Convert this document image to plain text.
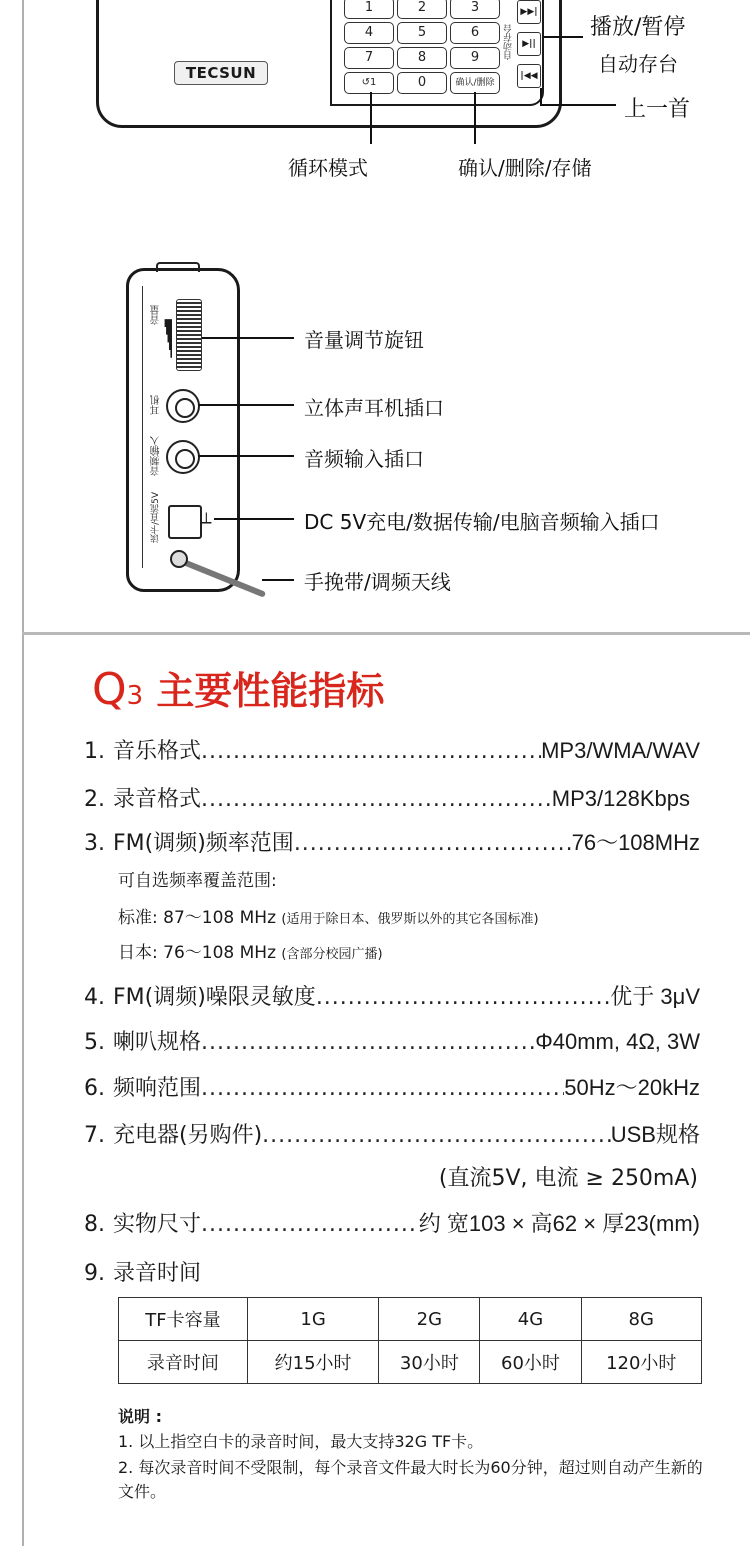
TECSUN
1	2	3
4	5	6
7	8	9
↺1	0	确认/删除
自动存台
▶▶|
▶||
|◀◀
播放/暂停
自动存台
上一首
循环模式	确认/删除/存储
音量
▁▂▃▄▅
耳机
音频输入
读卡/直流5V	⟂
音量调节旋钮
立体声耳机插口
音频输入插口
DC 5V充电/数据传输/电脑音频输入插口
手挽带/调频天线
Q3 主要性能指标
1. 音乐格式 .....	MP3/WMA/WAV
2. 录音格式 .....	MP3/128Kbps
3. FM(调频)频率范围 .....	76～108MHz
可自选频率覆盖范围:
标准: 87～108 MHz (适用于除日本、俄罗斯以外的其它各国标准)
日本: 76～108 MHz (含部分校园广播)
4. FM(调频)噪限灵敏度 .....	优于 3μV
5. 喇叭规格 .....	Φ40mm, 4Ω, 3W
6. 频响范围 .....	50Hz～20kHz
7. 充电器(另购件) .....	USB规格
(直流5V, 电流 ≥ 250mA)
8. 实物尺寸 .....	约 宽103 × 高62 × 厚23(mm)
9. 录音时间
TF卡容量	1G	2G	4G	8G
录音时间	约15小时	30小时	60小时	120小时
说明 :
1. 以上指空白卡的录音时间，最大支持32G TF卡。
2. 每次录音时间不受限制，每个录音文件最大时长为60分钟，超过则自动产生新的文件。
